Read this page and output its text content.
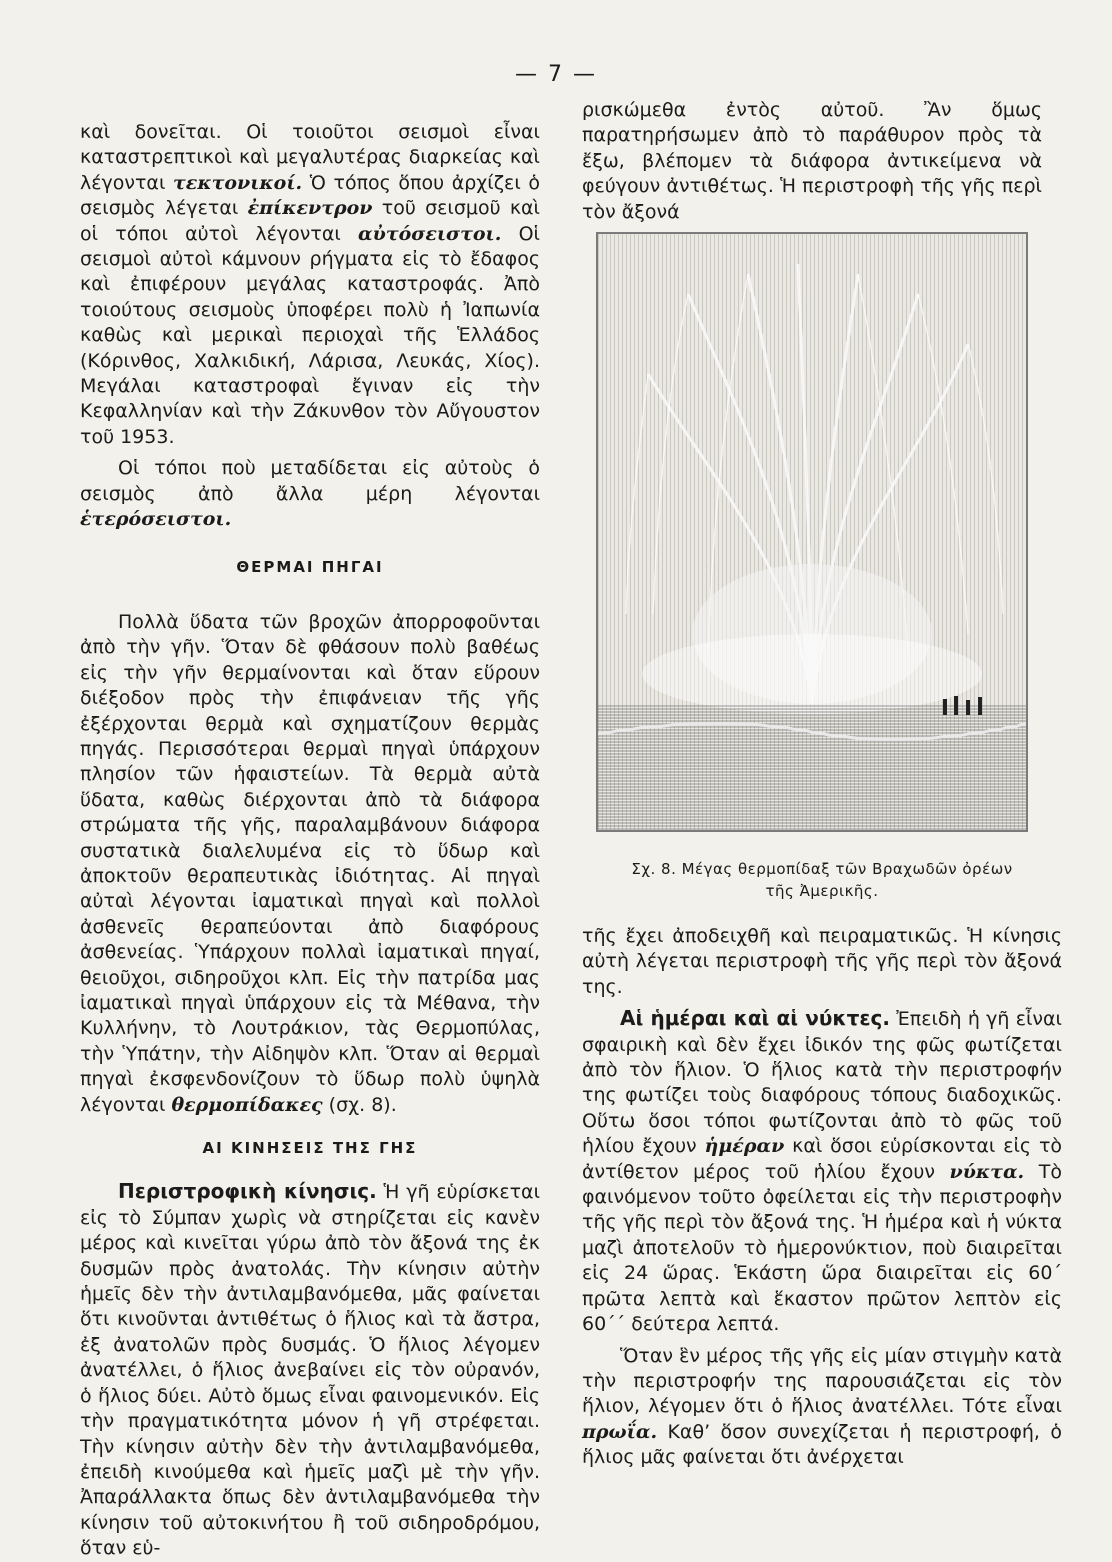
— 7 —

καὶ δονεῖται. Οἱ τοιοῦτοι σεισμοὶ εἶναι καταστρεπτικοὶ καὶ μεγαλυτέρας διαρκείας καὶ λέγονται τεκτονικοί. Ὁ τόπος ὅπου ἀρχίζει ὁ σεισμὸς λέγεται ἐπίκεντρον τοῦ σεισμοῦ καὶ οἱ τόποι αὐτοὶ λέγονται αὐτόσειστοι. Οἱ σεισμοὶ αὐτοὶ κάμνουν ρήγματα εἰς τὸ ἔδαφος καὶ ἐπιφέρουν μεγάλας καταστροφάς. Ἀπὸ τοιούτους σεισμοὺς ὑποφέρει πολὺ ἡ Ἰαπωνία καθὼς καὶ μερικαὶ περιοχαὶ τῆς Ἑλλάδος (Κόρινθος, Χαλκιδική, Λάρισα, Λευκάς, Χίος). Μεγάλαι καταστροφαὶ ἔγιναν εἰς τὴν Κεφαλληνίαν καὶ τὴν Ζάκυνθον τὸν Αὔγουστον τοῦ 1953.

Οἱ τόποι ποὺ μεταδίδεται εἰς αὐτοὺς ὁ σεισμὸς ἀπὸ ἄλλα μέρη λέγονται ἑτερόσειστοι.

ΘΕΡΜΑΙ ΠΗΓΑΙ

Πολλὰ ὕδατα τῶν βροχῶν ἀπορροφοῦνται ἀπὸ τὴν γῆν. Ὅταν δὲ φθάσουν πολὺ βαθέως εἰς τὴν γῆν θερμαίνονται καὶ ὅταν εὕρουν διέξοδον πρὸς τὴν ἐπιφάνειαν τῆς γῆς ἐξέρχονται θερμὰ καὶ σχηματίζουν θερμὰς πηγάς. Περισσότεραι θερμαὶ πηγαὶ ὑπάρχουν πλησίον τῶν ἡφαιστείων. Τὰ θερμὰ αὐτὰ ὕδατα, καθὼς διέρχονται ἀπὸ τὰ διάφορα στρώματα τῆς γῆς, παραλαμβάνουν διάφορα συστατικὰ διαλελυμένα εἰς τὸ ὕδωρ καὶ ἀποκτοῦν θεραπευτικὰς ἰδιότητας. Αἱ πηγαὶ αὐταὶ λέγονται ἰαματικαὶ πηγαὶ καὶ πολλοὶ ἀσθενεῖς θεραπεύονται ἀπὸ διαφόρους ἀσθενείας. Ὑπάρχουν πολλαὶ ἰαματικαὶ πηγαί, θειοῦχοι, σιδηροῦχοι κλπ. Εἰς τὴν πατρίδα μας ἰαματικαὶ πηγαὶ ὑπάρχουν εἰς τὰ Μέθανα, τὴν Κυλλήνην, τὸ Λουτράκιον, τὰς Θερμοπύλας, τὴν Ὑπάτην, τὴν Αἰδηψὸν κλπ. Ὅταν αἱ θερμαὶ πηγαὶ ἐκσφενδονίζουν τὸ ὕδωρ πολὺ ὑψηλὰ λέγονται θερμοπίδακες (σχ. 8).

ΑΙ ΚΙΝΗΣΕΙΣ ΤΗΣ ΓΗΣ

Περιστροφικὴ κίνησις. Ἡ γῆ εὑρίσκεται εἰς τὸ Σύμπαν χωρὶς νὰ στηρίζεται εἰς κανὲν μέρος καὶ κινεῖται γύρω ἀπὸ τὸν ἄξονά της ἐκ δυσμῶν πρὸς ἀνατολάς. Τὴν κίνησιν αὐτὴν ἡμεῖς δὲν τὴν ἀντιλαμβανόμεθα, μᾶς φαίνεται ὅτι κινοῦνται ἀντιθέτως ὁ ἥλιος καὶ τὰ ἄστρα, ἐξ ἀνατολῶν πρὸς δυσμάς. Ὁ ἥλιος λέγομεν ἀνατέλλει, ὁ ἥλιος ἀνεβαίνει εἰς τὸν οὐρανόν, ὁ ἥλιος δύει. Αὐτὸ ὅμως εἶναι φαινομενικόν. Εἰς τὴν πραγματικότητα μόνον ἡ γῆ στρέφεται. Τὴν κίνησιν αὐτὴν δὲν τὴν ἀντιλαμβανόμεθα, ἐπειδὴ κινούμεθα καὶ ἡμεῖς μαζὶ μὲ τὴν γῆν. Ἀπαράλλακτα ὅπως δὲν ἀντιλαμβανόμεθα τὴν κίνησιν τοῦ αὐτοκινήτου ἢ τοῦ σιδηροδρόμου, ὅταν εὑ-

ρισκώμεθα ἐντὸς αὐτοῦ. Ἂν ὅμως παρατηρήσωμεν ἀπὸ τὸ παράθυρον πρὸς τὰ ἔξω, βλέπομεν τὰ διάφορα ἀντικείμενα νὰ φεύγουν ἀντιθέτως. Ἡ περιστροφὴ τῆς γῆς περὶ τὸν ἄξονά

Σχ. 8. Μέγας θερμοπίδαξ τῶν Βραχωδῶν ὀρέων
τῆς Ἀμερικῆς.

τῆς ἔχει ἀποδειχθῆ καὶ πειραματικῶς. Ἡ κίνησις αὐτὴ λέγεται περιστροφὴ τῆς γῆς περὶ τὸν ἄξονά της.

Αἱ ἡμέραι καὶ αἱ νύκτες. Ἐπειδὴ ἡ γῆ εἶναι σφαιρικὴ καὶ δὲν ἔχει ἰδικόν της φῶς φωτίζεται ἀπὸ τὸν ἥλιον. Ὁ ἥλιος κατὰ τὴν περιστροφήν της φωτίζει τοὺς διαφόρους τόπους διαδοχικῶς. Οὕτω ὅσοι τόποι φωτίζονται ἀπὸ τὸ φῶς τοῦ ἡλίου ἔχουν ἡμέραν καὶ ὅσοι εὑρίσκονται εἰς τὸ ἀντίθετον μέρος τοῦ ἡλίου ἔχουν νύκτα. Τὸ φαινόμενον τοῦτο ὀφείλεται εἰς τὴν περιστροφὴν τῆς γῆς περὶ τὸν ἄξονά της. Ἡ ἡμέρα καὶ ἡ νύκτα μαζὶ ἀποτελοῦν τὸ ἡμερονύκτιον, ποὺ διαιρεῖται εἰς 24 ὥρας. Ἑκάστη ὥρα διαιρεῖται εἰς 60΄ πρῶτα λεπτὰ καὶ ἕκαστον πρῶτον λεπτὸν εἰς 60΄΄ δεύτερα λεπτά.

Ὅταν ἓν μέρος τῆς γῆς εἰς μίαν στιγμὴν κατὰ τὴν περιστροφήν της παρουσιάζεται εἰς τὸν ἥλιον, λέγομεν ὅτι ὁ ἥλιος ἀνατέλλει. Τότε εἶναι πρωΐα. Καθ’ ὅσον συνεχίζεται ἡ περιστροφή, ὁ ἥλιος μᾶς φαίνεται ὅτι ἀνέρχεται
